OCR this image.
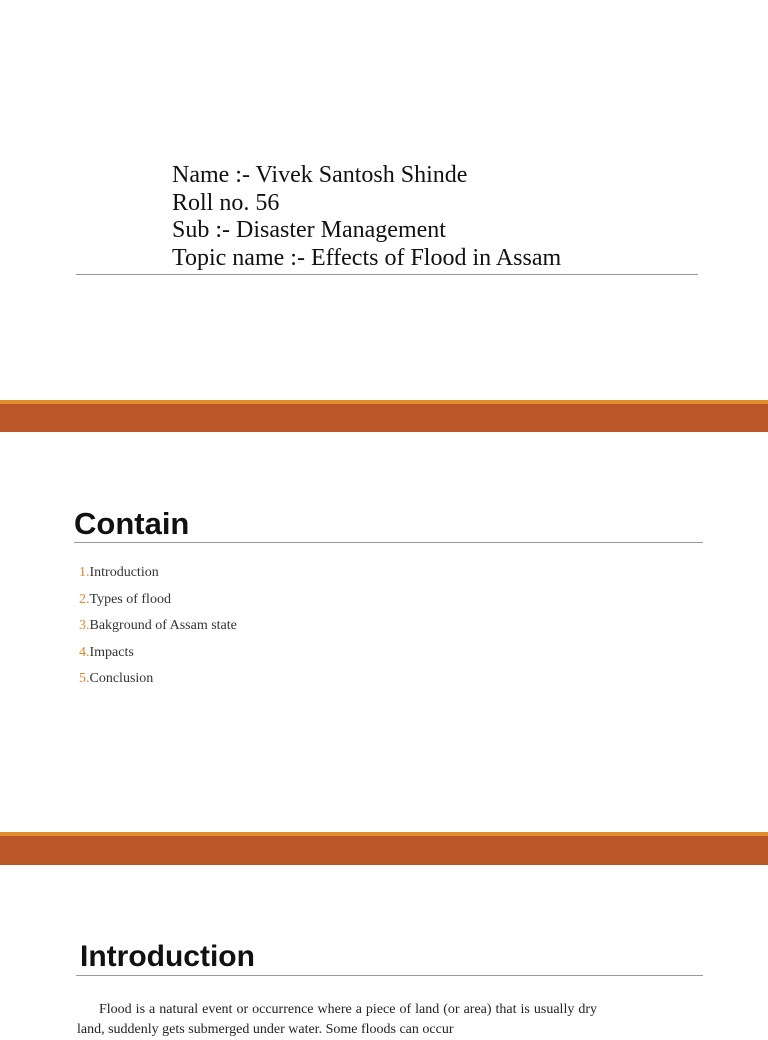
Name :- Vivek Santosh Shinde
Roll no. 56
Sub :- Disaster Management
Topic name :- Effects of Flood in Assam
Contain
1.Introduction
2.Types of flood
3.Bakground of Assam state
4.Impacts
5.Conclusion
Introduction

Flood is a natural event or occurrence where a piece of land (or area) that is usually dry land, suddenly gets submerged under water. Some floods can occur
